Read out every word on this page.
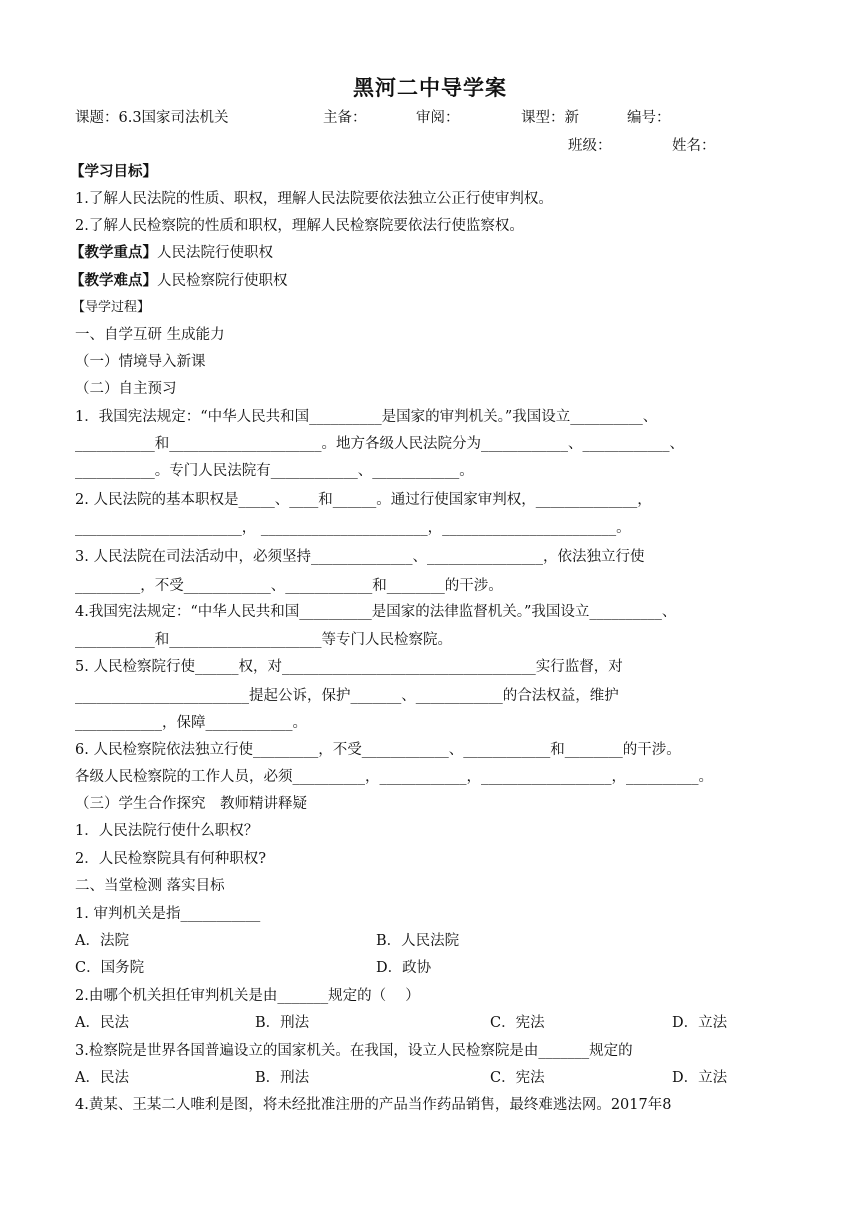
黑河二中导学案
课题：6.3国家司法机关	主备：	审阅：	课型：新	编号：
班级：	姓名：
【学习目标】
1.了解人民法院的性质、职权，理解人民法院要依法独立公正行使审判权。
2.了解人民检察院的性质和职权，理解人民检察院要依法行使监察权。
【教学重点】人民法院行使职权
【教学难点】人民检察院行使职权
【导学过程】
一、自学互研 生成能力
（一）情境导入新课
（二）自主预习
1．我国宪法规定：“中华人民共和国__________是国家的审判机关。”我国设立__________、
___________和_____________________。地方各级人民法院分为____________、____________、
___________。专门人民法院有____________、____________。
2. 人民法院的基本职权是_____、____和______。通过行使国家审判权，______________，
_______________________， _______________________，________________________。
3. 人民法院在司法活动中，必须坚持______________、________________，依法独立行使
_________，不受____________、____________和________的干涉。
4.我国宪法规定：“中华人民共和国__________是国家的法律监督机关。”我国设立__________、
___________和_____________________等专门人民检察院。
5. 人民检察院行使______权，对___________________________________实行监督，对
________________________提起公诉，保护_______、____________的合法权益，维护
____________，保障____________。
6. 人民检察院依法独立行使_________，不受____________、____________和________的干涉。
各级人民检察院的工作人员，必须__________，____________，__________________，__________。
（三）学生合作探究　教师精讲释疑
1．人民法院行使什么职权？
2．人民检察院具有何种职权?
二、当堂检测 落实目标
1. 审判机关是指___________
A．法院	B．人民法院
C．国务院	D．政协
2.由哪个机关担任审判机关是由_______规定的（　 ）
A．民法	B．刑法	C．宪法	D．立法
3.检察院是世界各国普遍设立的国家机关。在我国，设立人民检察院是由_______规定的
A．民法	B．刑法	C．宪法	D．立法
4.黄某、王某二人唯利是图，将未经批准注册的产品当作药品销售，最终难逃法网。2017年8
